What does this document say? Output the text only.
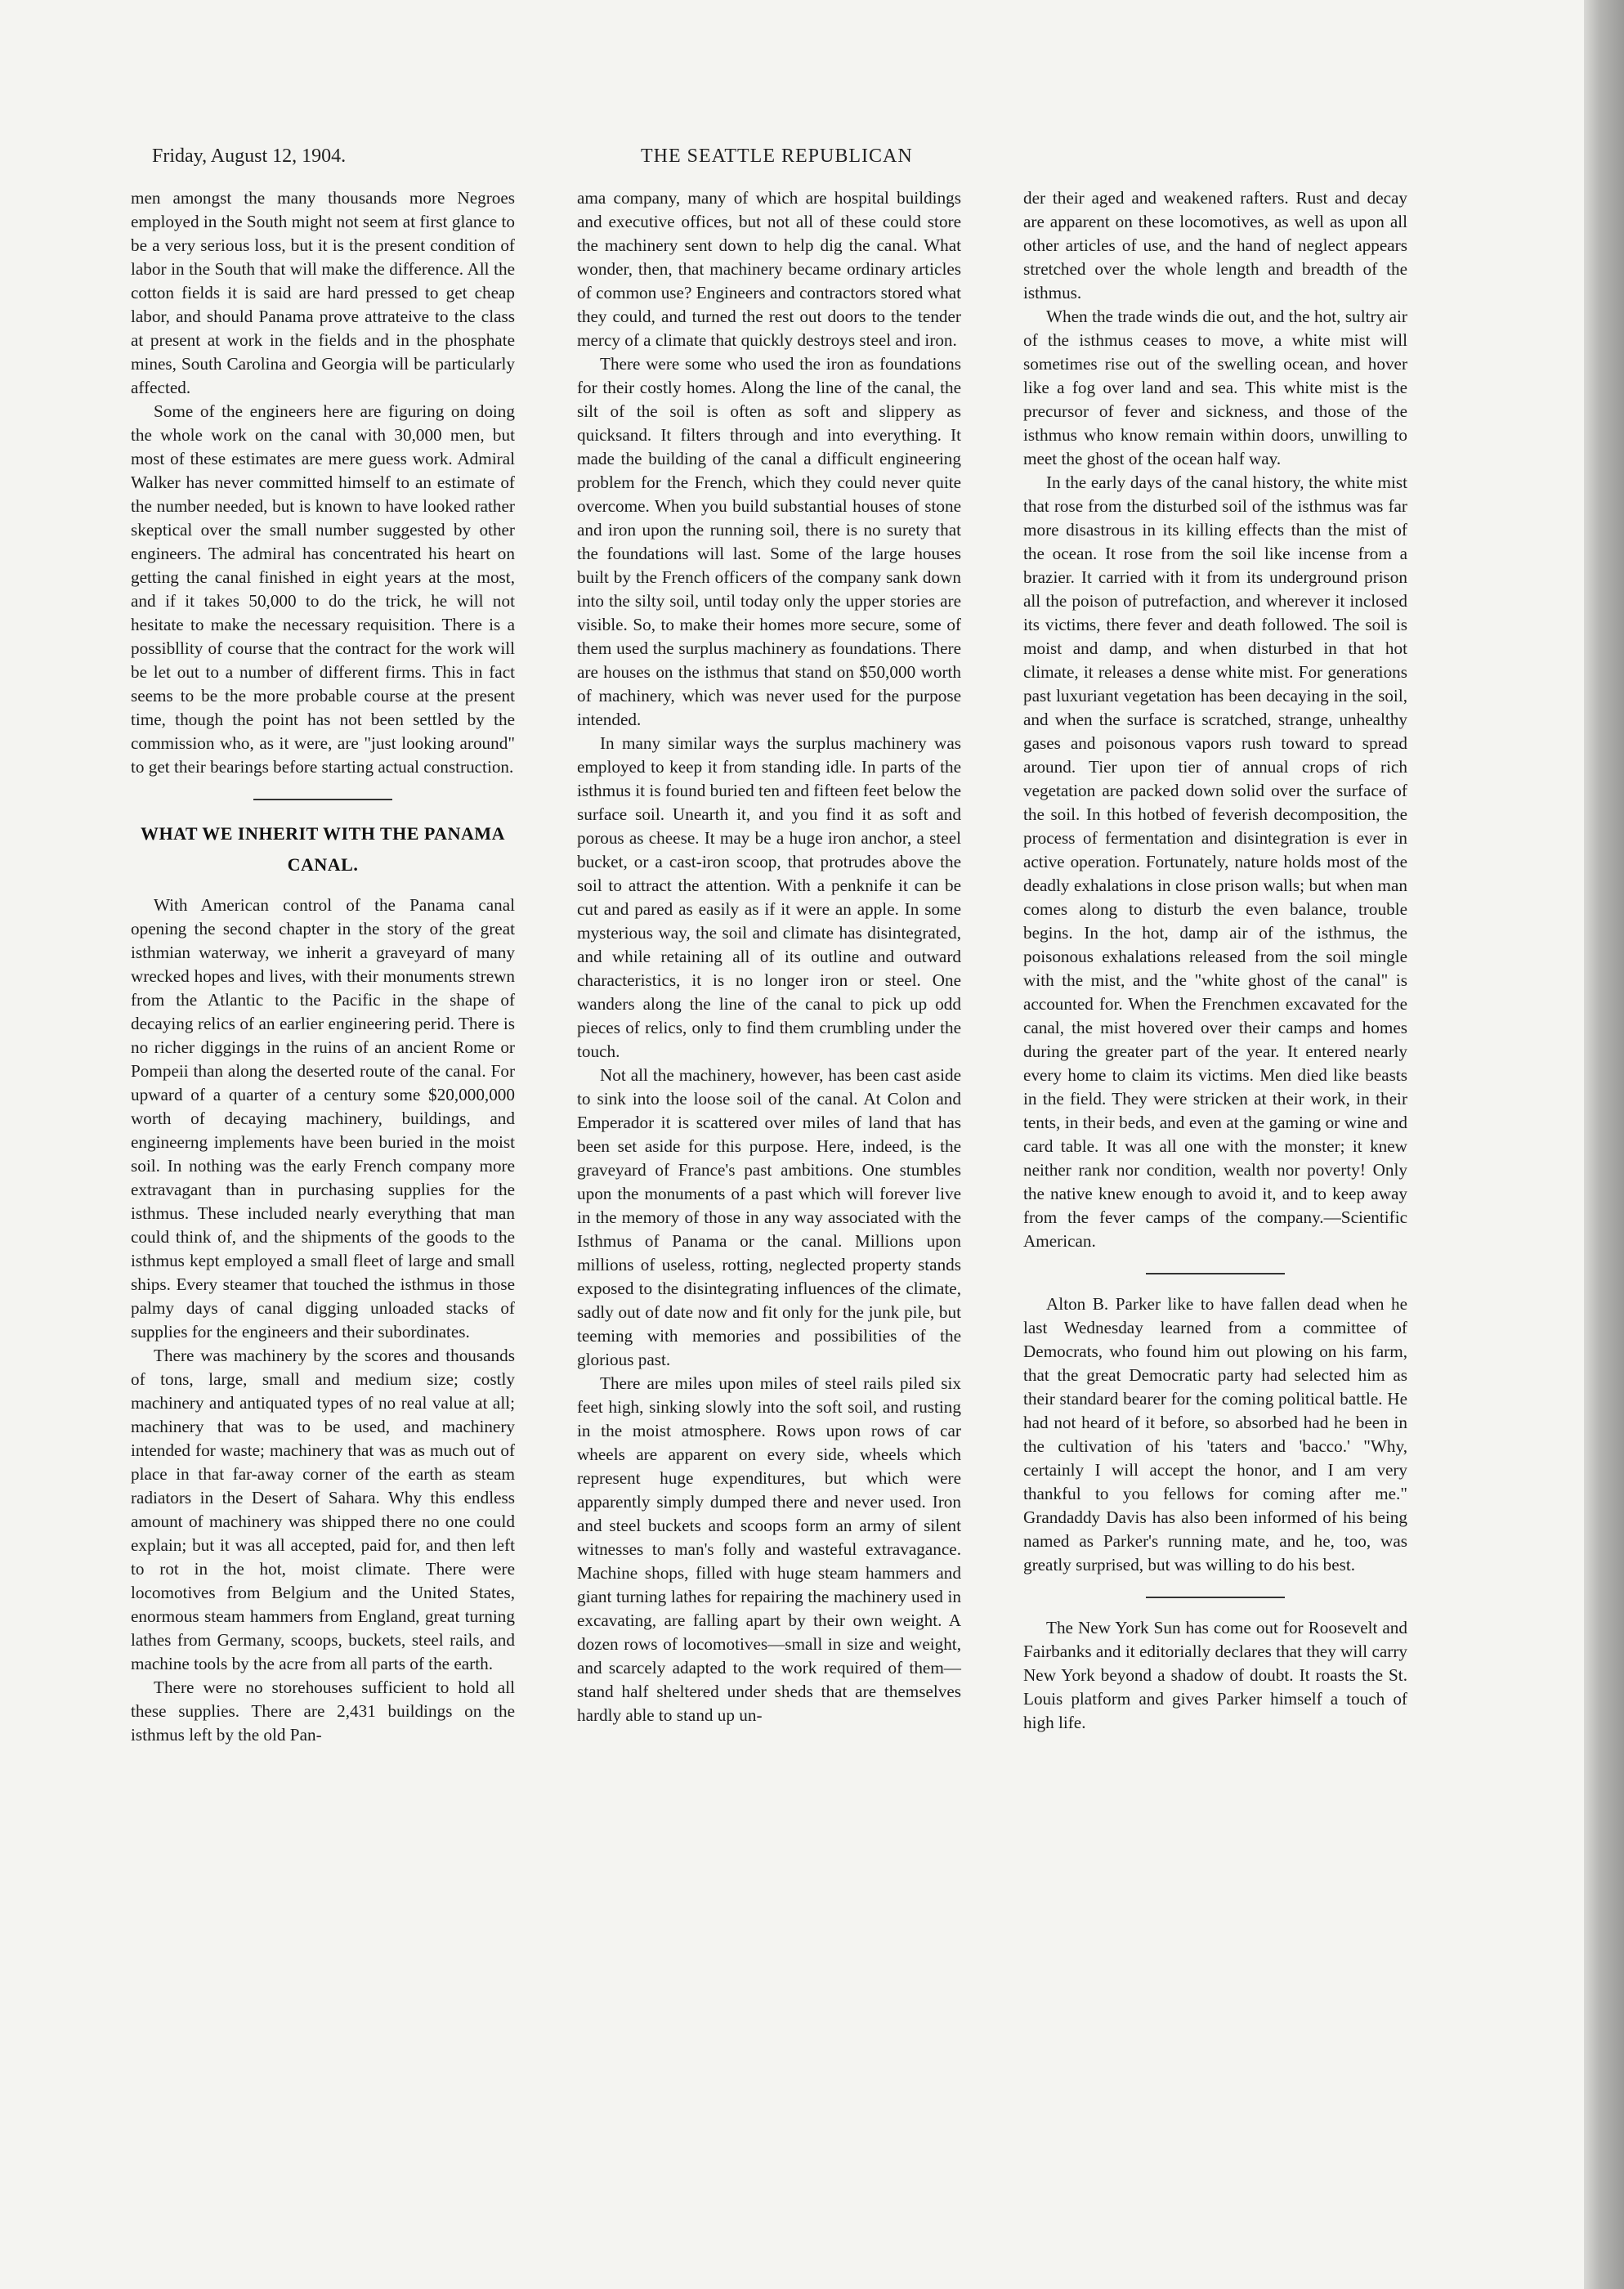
Friday, August 12, 1904.	THE SEATTLE REPUBLICAN

men amongst the many thousands more Negroes employed in the South might not seem at first glance to be a very serious loss, but it is the present condition of labor in the South that will make the difference. All the cotton fields it is said are hard pressed to get cheap labor, and should Panama prove attrateive to the class at present at work in the fields and in the phosphate mines, South Carolina and Georgia will be particularly affected.

Some of the engineers here are figuring on doing the whole work on the canal with 30,000 men, but most of these estimates are mere guess work. Admiral Walker has never committed himself to an estimate of the number needed, but is known to have looked rather skeptical over the small number suggested by other engineers. The admiral has concentrated his heart on getting the canal finished in eight years at the most, and if it takes 50,000 to do the trick, he will not hesitate to make the necessary requisition. There is a possibllity of course that the contract for the work will be let out to a number of different firms. This in fact seems to be the more probable course at the present time, though the point has not been settled by the commission who, as it were, are "just looking around" to get their bearings before starting actual construction.

WHAT WE INHERIT WITH THE PANAMA CANAL.

With American control of the Panama canal opening the second chapter in the story of the great isthmian waterway, we inherit a graveyard of many wrecked hopes and lives, with their monuments strewn from the Atlantic to the Pacific in the shape of decaying relics of an earlier engineering perid. There is no richer diggings in the ruins of an ancient Rome or Pompeii than along the deserted route of the canal. For upward of a quarter of a century some $20,000,000 worth of decaying machinery, buildings, and engineerng implements have been buried in the moist soil. In nothing was the early French company more extravagant than in purchasing supplies for the isthmus. These included nearly everything that man could think of, and the shipments of the goods to the isthmus kept employed a small fleet of large and small ships. Every steamer that touched the isthmus in those palmy days of canal digging unloaded stacks of supplies for the engineers and their subordinates.

There was machinery by the scores and thousands of tons, large, small and medium size; costly machinery and antiquated types of no real value at all; machinery that was to be used, and machinery intended for waste; machinery that was as much out of place in that far-away corner of the earth as steam radiators in the Desert of Sahara. Why this endless amount of machinery was shipped there no one could explain; but it was all accepted, paid for, and then left to rot in the hot, moist climate. There were locomotives from Belgium and the United States, enormous steam hammers from England, great turning lathes from Germany, scoops, buckets, steel rails, and machine tools by the acre from all parts of the earth.

There were no storehouses sufficient to hold all these supplies. There are 2,431 buildings on the isthmus left by the old Pan-

ama company, many of which are hospital buildings and executive offices, but not all of these could store the machinery sent down to help dig the canal. What wonder, then, that machinery became ordinary articles of common use? Engineers and contractors stored what they could, and turned the rest out doors to the tender mercy of a climate that quickly destroys steel and iron.

There were some who used the iron as foundations for their costly homes. Along the line of the canal, the silt of the soil is often as soft and slippery as quicksand. It filters through and into everything. It made the building of the canal a difficult engineering problem for the French, which they could never quite overcome. When you build substantial houses of stone and iron upon the running soil, there is no surety that the foundations will last. Some of the large houses built by the French officers of the company sank down into the silty soil, until today only the upper stories are visible. So, to make their homes more secure, some of them used the surplus machinery as foundations. There are houses on the isthmus that stand on $50,000 worth of machinery, which was never used for the purpose intended.

In many similar ways the surplus machinery was employed to keep it from standing idle. In parts of the isthmus it is found buried ten and fifteen feet below the surface soil. Unearth it, and you find it as soft and porous as cheese. It may be a huge iron anchor, a steel bucket, or a cast-iron scoop, that protrudes above the soil to attract the attention. With a penknife it can be cut and pared as easily as if it were an apple. In some mysterious way, the soil and climate has disintegrated, and while retaining all of its outline and outward characteristics, it is no longer iron or steel. One wanders along the line of the canal to pick up odd pieces of relics, only to find them crumbling under the touch.

Not all the machinery, however, has been cast aside to sink into the loose soil of the canal. At Colon and Emperador it is scattered over miles of land that has been set aside for this purpose. Here, indeed, is the graveyard of France's past ambitions. One stumbles upon the monuments of a past which will forever live in the memory of those in any way associated with the Isthmus of Panama or the canal. Millions upon millions of useless, rotting, neglected property stands exposed to the disintegrating influences of the climate, sadly out of date now and fit only for the junk pile, but teeming with memories and possibilities of the glorious past.

There are miles upon miles of steel rails piled six feet high, sinking slowly into the soft soil, and rusting in the moist atmosphere. Rows upon rows of car wheels are apparent on every side, wheels which represent huge expenditures, but which were apparently simply dumped there and never used. Iron and steel buckets and scoops form an army of silent witnesses to man's folly and wasteful extravagance. Machine shops, filled with huge steam hammers and giant turning lathes for repairing the machinery used in excavating, are falling apart by their own weight. A dozen rows of locomotives—small in size and weight, and scarcely adapted to the work required of them—stand half sheltered under sheds that are themselves hardly able to stand up un-

der their aged and weakened rafters. Rust and decay are apparent on these locomotives, as well as upon all other articles of use, and the hand of neglect appears stretched over the whole length and breadth of the isthmus.

When the trade winds die out, and the hot, sultry air of the isthmus ceases to move, a white mist will sometimes rise out of the swelling ocean, and hover like a fog over land and sea. This white mist is the precursor of fever and sickness, and those of the isthmus who know remain within doors, unwilling to meet the ghost of the ocean half way.

In the early days of the canal history, the white mist that rose from the disturbed soil of the isthmus was far more disastrous in its killing effects than the mist of the ocean. It rose from the soil like incense from a brazier. It carried with it from its underground prison all the poison of putrefaction, and wherever it inclosed its victims, there fever and death followed. The soil is moist and damp, and when disturbed in that hot climate, it releases a dense white mist. For generations past luxuriant vegetation has been decaying in the soil, and when the surface is scratched, strange, unhealthy gases and poisonous vapors rush toward to spread around. Tier upon tier of annual crops of rich vegetation are packed down solid over the surface of the soil. In this hotbed of feverish decomposition, the process of fermentation and disintegration is ever in active operation. Fortunately, nature holds most of the deadly exhalations in close prison walls; but when man comes along to disturb the even balance, trouble begins. In the hot, damp air of the isthmus, the poisonous exhalations released from the soil mingle with the mist, and the "white ghost of the canal" is accounted for. When the Frenchmen excavated for the canal, the mist hovered over their camps and homes during the greater part of the year. It entered nearly every home to claim its victims. Men died like beasts in the field. They were stricken at their work, in their tents, in their beds, and even at the gaming or wine and card table. It was all one with the monster; it knew neither rank nor condition, wealth nor poverty! Only the native knew enough to avoid it, and to keep away from the fever camps of the company.—Scientific American.

Alton B. Parker like to have fallen dead when he last Wednesday learned from a committee of Democrats, who found him out plowing on his farm, that the great Democratic party had selected him as their standard bearer for the coming political battle. He had not heard of it before, so absorbed had he been in the cultivation of his 'taters and 'bacco.' "Why, certainly I will accept the honor, and I am very thankful to you fellows for coming after me." Grandaddy Davis has also been informed of his being named as Parker's running mate, and he, too, was greatly surprised, but was willing to do his best.

The New York Sun has come out for Roosevelt and Fairbanks and it editorially declares that they will carry New York beyond a shadow of doubt. It roasts the St. Louis platform and gives Parker himself a touch of high life.
